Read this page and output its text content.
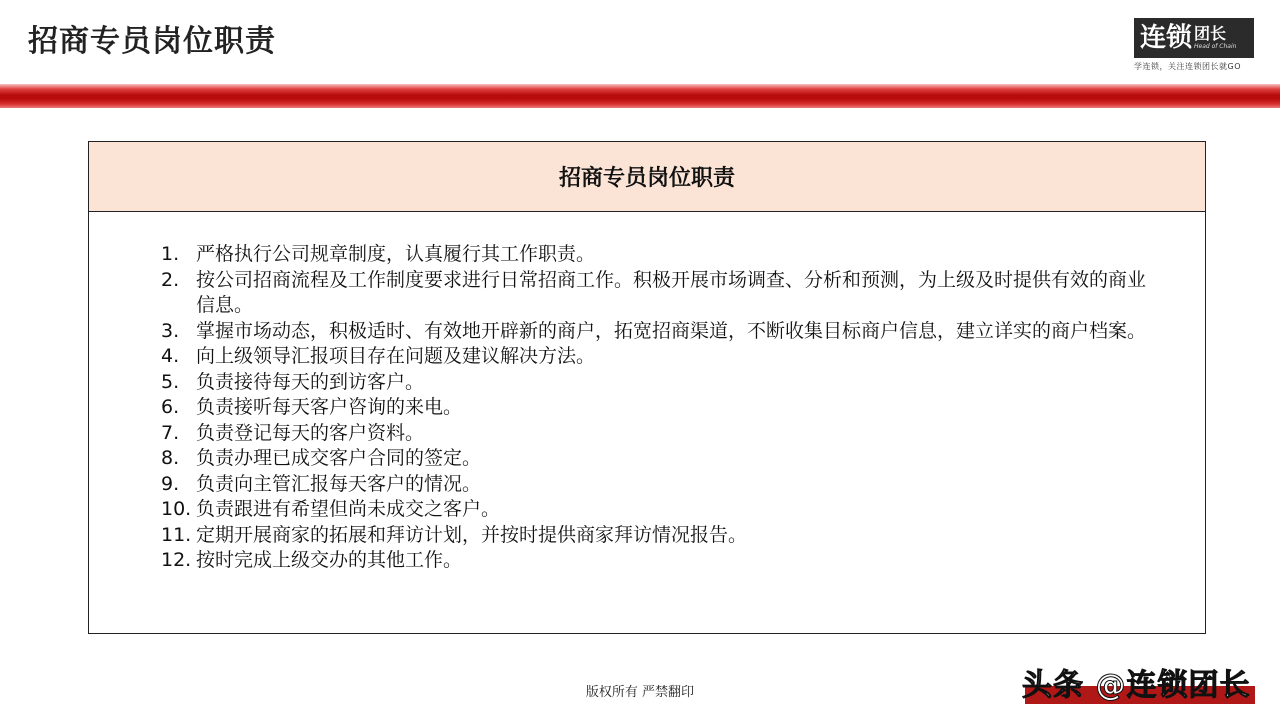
招商专员岗位职责	连锁 团长
Head of Chain
学连锁，关注连锁团长就GO
招商专员岗位职责
1. 严格执行公司规章制度，认真履行其工作职责。
2. 按公司招商流程及工作制度要求进行日常招商工作。积极开展市场调查、分析和预测，为上级及时提供有效的商业信息。
3. 掌握市场动态，积极适时、有效地开辟新的商户，拓宽招商渠道，不断收集目标商户信息，建立详实的商户档案。
4. 向上级领导汇报项目存在问题及建议解决方法。
5. 负责接待每天的到访客户。
6. 负责接听每天客户咨询的来电。
7. 负责登记每天的客户资料。
8. 负责办理已成交客户合同的签定。
9. 负责向主管汇报每天客户的情况。
10. 负责跟进有希望但尚未成交之客户。
11. 定期开展商家的拓展和拜访计划，并按时提供商家拜访情况报告。
12. 按时完成上级交办的其他工作。
版权所有 严禁翻印	头条 @连锁团长
